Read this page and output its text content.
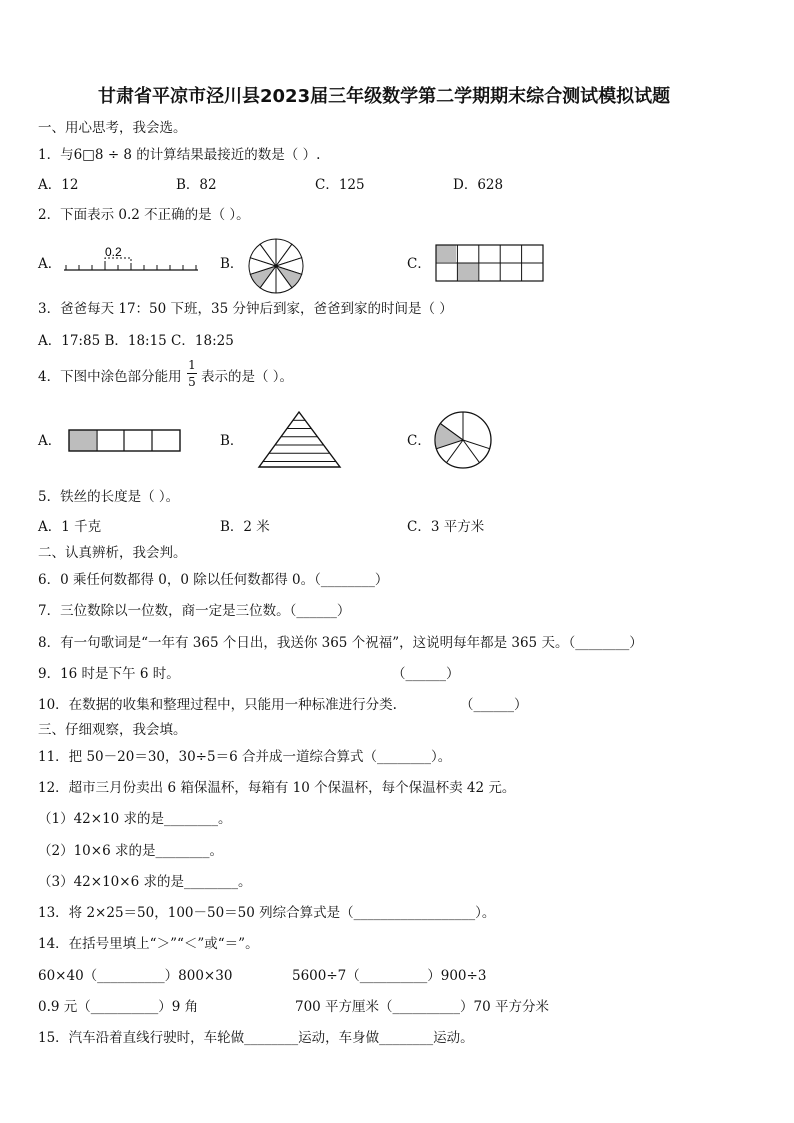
甘肃省平凉市泾川县2023届三年级数学第二学期期末综合测试模拟试题
一、用心思考，我会选。
1．与6□8 ÷ 8 的计算结果最接近的数是（ ）.
A．12	B．82	C．125	D．628
2．下面表示 0.2 不正确的是（ ）。
A．
0.2
B．	C．
3．爸爸每天 17：50 下班，35 分钟后到家，爸爸到家的时间是（ ）
A．17:85 B．18:15 C．18:25
4．下图中涂色部分能用
1
5 表示的是（ ）。
A．	B．	C．
5．铁丝的长度是（ ）。
A．1 千克	B．2 米	C．3 平方米
二、认真辨析，我会判。
6．0 乘任何数都得 0，0 除以任何数都得 0。（________）
7．三位数除以一位数，商一定是三位数。（______）
8．有一句歌词是“一年有 365 个日出，我送你 365 个祝福”，这说明每年都是 365 天。（________）
9．16 时是下午 6 时。	（______）
10．在数据的收集和整理过程中，只能用一种标准进行分类.	（______）
三、仔细观察，我会填。
11．把 50－20＝30，30÷5＝6 合并成一道综合算式（________）。
12．超市三月份卖出 6 箱保温杯，每箱有 10 个保温杯，每个保温杯卖 42 元。
（1）42×10 求的是________。
（2）10×6 求的是________。
（3）42×10×6 求的是________。
13．将 2×25＝50，100－50＝50 列综合算式是（__________________）。
14．在括号里填上“＞”“＜”或“＝”。
60×40（__________）800×30	5600÷7（__________）900÷3
0.9 元（__________）9 角	700 平方厘米（__________）70 平方分米
15．汽车沿着直线行驶时，车轮做________运动，车身做________运动。
